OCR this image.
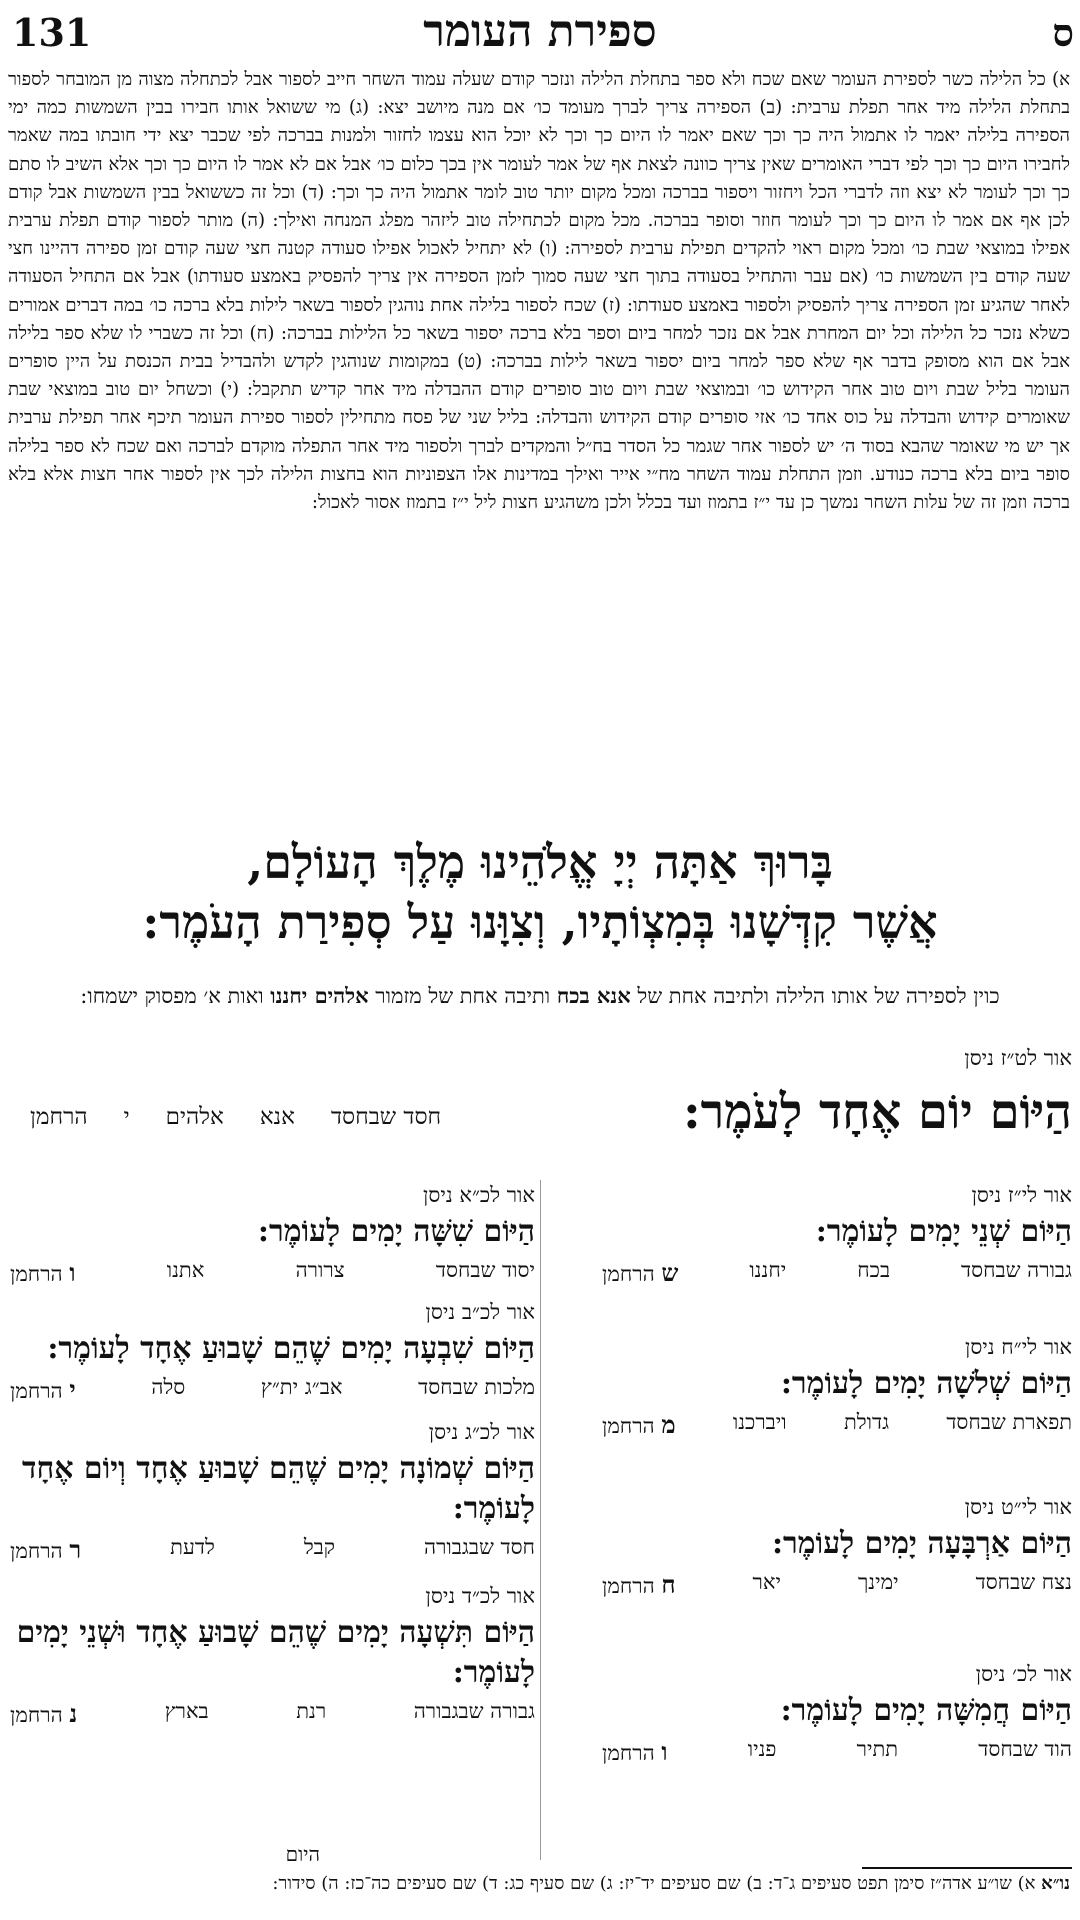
ס
ספירת העומר
131

א) כל הלילה כשר לספירת העומר שאם שכח ולא ספר בתחלת הלילה ונזכר קודם שעלה עמוד השחר חייב לספור אבל לכתחלה מצוה מן המובחר לספור בתחלת הלילה מיד אחר תפלת ערבית: (ב) הספירה צריך לברך מעומד כו׳ אם מנה מיושב יצא: (ג) מי ששואל אותו חבירו בבין השמשות כמה ימי הספירה בלילה יאמר לו אתמול היה כך וכך שאם יאמר לו היום כך וכך לא יוכל הוא עצמו לחזור ולמנות בברכה לפי שכבר יצא ידי חובתו במה שאמר לחבירו היום כך וכך לפי דברי האומרים שאין צריך כוונה לצאת אף של אמר לעומר אין בכך כלום כו׳ אבל אם לא אמר לו היום כך וכך אלא השיב לו סתם כך וכך לעומר לא יצא וזה לדברי הכל ויחזור ויספור בברכה ומכל מקום יותר טוב לומר אתמול היה כך וכך: (ד) וכל זה כששואל בבין השמשות אבל קודם לכן אף אם אמר לו היום כך וכך לעומר חוזר וסופר בברכה. מכל מקום לכתחילה טוב ליזהר מפלג המנחה ואילך: (ה) מותר לספור קודם תפלת ערבית אפילו במוצאי שבת כו׳ ומכל מקום ראוי להקדים תפילת ערבית לספירה: (ו) לא יתחיל לאכול אפילו סעודה קטנה חצי שעה קודם זמן ספירה דהיינו חצי שעה קודם בין השמשות כו׳ (אם עבר והתחיל בסעודה בתוך חצי שעה סמוך לזמן הספירה אין צריך להפסיק באמצע סעודתו) אבל אם התחיל הסעודה לאחר שהגיע זמן הספירה צריך להפסיק ולספור באמצע סעודתו: (ז) שכח לספור בלילה אחת נוהגין לספור בשאר לילות בלא ברכה כו׳ במה דברים אמורים כשלא נזכר כל הלילה וכל יום המחרת אבל אם נזכר למחר ביום וספר בלא ברכה יספור בשאר כל הלילות בברכה: (ח) וכל זה כשברי לו שלא ספר בלילה אבל אם הוא מסופק בדבר אף שלא ספר למחר ביום יספור בשאר לילות בברכה: (ט) במקומות שנוהגין לקדש ולהבדיל בבית הכנסת על היין סופרים העומר בליל שבת ויום טוב אחר הקידוש כו׳ ובמוצאי שבת ויום טוב סופרים קודם ההבדלה מיד אחר קדיש תתקבל: (י) וכשחל יום טוב במוצאי שבת שאומרים קידוש והבדלה על כוס אחד כו׳ אזי סופרים קודם הקידוש והבדלה: בליל שני של פסח מתחילין לספור ספירת העומר תיכף אחר תפילת ערבית אך יש מי שאומר שהבא בסוד ה׳ יש לספור אחר שגמר כל הסדר בח״ל והמקדים לברך ולספור מיד אחר התפלה מוקדם לברכה ואם שכח לא ספר בלילה סופר ביום בלא ברכה כנודע. וזמן התחלת עמוד השחר מח״י אייר ואילך במדינות אלו הצפוניות הוא בחצות הלילה לכך אין לספור אחר חצות אלא בלא ברכה וזמן זה של עלות השחר נמשך כן עד י״ז בתמוז ועד בכלל ולכן משהגיע חצות ליל י״ז בתמוז אסור לאכול:

בָּרוּךְ אַתָּה יְיָ אֱלֹהֵינוּ מֶלֶךְ הָעוֹלָם,
אֲשֶׁר קִדְּשָׁנוּ בְּמִצְוֹתָיו, וְצִוָּנוּ עַל סְפִירַת הָעֹמֶר:
כוין לספירה של אותו הלילה ולתיבה אחת של אנא בכח ותיבה אחת של מזמור אלהים יחננו ואות א׳ מפסוק ישמחו:
אור לט״ז ניסן
הַיּוֹם יוֹם אֶחָד לָעֹמֶר:
חסד שבחסד
אנא
אלהים
י
הרחמן
אור לי״ז ניסן
הַיּוֹם שְׁנֵי יָמִים לָעוֹמֶר:
גבורה שבחסד
בכח
יחננו
ש הרחמן
אור לי״ח ניסן
הַיּוֹם שְׁלשָׁה יָמִים לָעוֹמֶר:
תפארת שבחסד
גדולת
ויברכנו
מ הרחמן
אור לי״ט ניסן
הַיּוֹם אַרְבָּעָה יָמִים לָעוֹמֶר:
נצח שבחסד
ימינך
יאר
ח הרחמן
אור לכ׳ ניסן
הַיּוֹם חֲמִשָּׁה יָמִים לָעוֹמֶר:
הוד שבחסד
תתיר
פניו
ו הרחמן
אור לכ״א ניסן
הַיּוֹם שִׁשָּׁה יָמִים לָעוֹמֶר:
יסוד שבחסד
צרורה
אתנו
ו הרחמן
אור לכ״ב ניסן
הַיּוֹם שִׁבְעָה יָמִים שֶׁהֵם שָׁבוּעַ אֶחָד לָעוֹמֶר:
מלכות שבחסד
אב״ג ית״ץ
סלה
י הרחמן
אור לכ״ג ניסן
הַיּוֹם שְׁמוֹנָה יָמִים שֶׁהֵם שָׁבוּעַ אֶחָד וְיוֹם אֶחָד לָעוֹמֶר:
חסד שבגבורה
קבל
לדעת
ר הרחמן
אור לכ״ד ניסן
הַיּוֹם תִּשְׁעָה יָמִים שֶׁהֵם שָׁבוּעַ אֶחָד וּשְׁנֵי יָמִים לָעוֹמֶר:
גבורה שבגבורה
רנת
בארץ
נ הרחמן
היום

נו״א א) שו״ע אדה״ז סימן תפט סעיפים ג־ד: ב) שם סעיפים יד־יז: ג) שם סעיף כג: ד) שם סעיפים כה־כז: ה) סידור:
